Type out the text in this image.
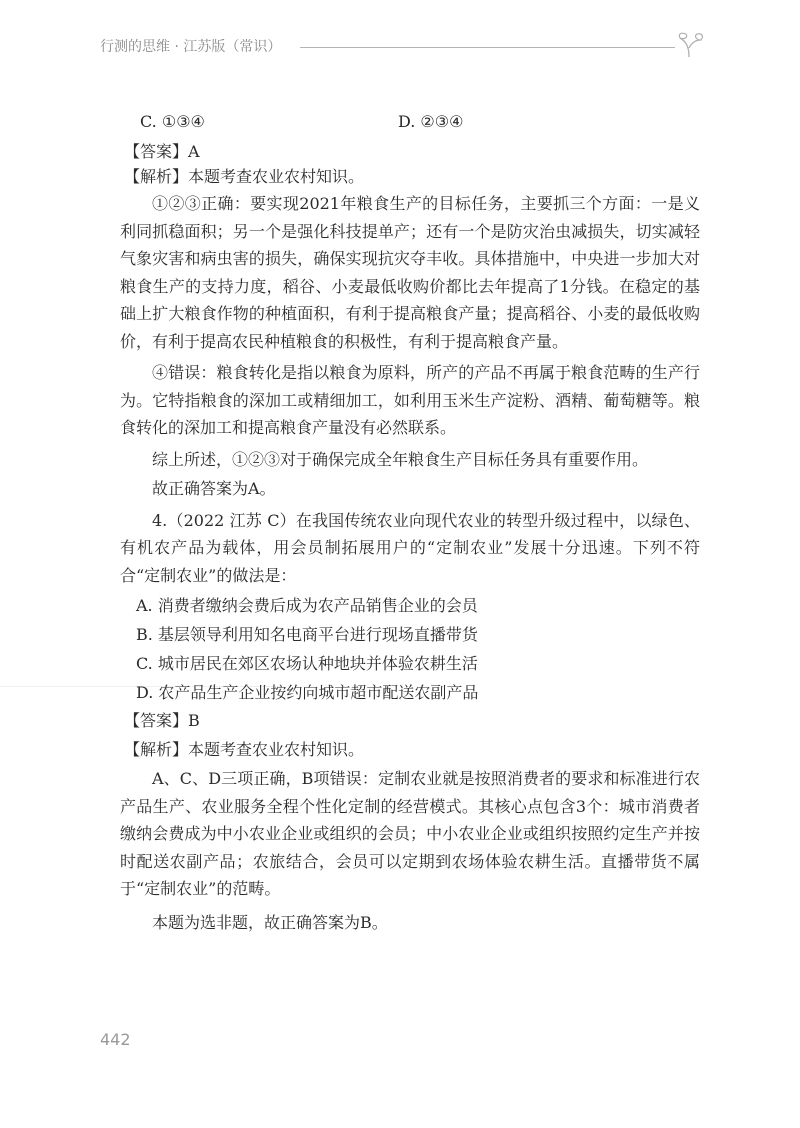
行测的思维 · 江苏版（常识）
C. ①③④	D. ②③④

【答案】A

【解析】本题考查农业农村知识。

①②③正确：要实现2021年粮食生产的目标任务，主要抓三个方面：一是义利同抓稳面积；另一个是强化科技提单产；还有一个是防灾治虫减损失，切实减轻气象灾害和病虫害的损失，确保实现抗灾夺丰收。具体措施中，中央进一步加大对粮食生产的支持力度，稻谷、小麦最低收购价都比去年提高了1分钱。在稳定的基础上扩大粮食作物的种植面积，有利于提高粮食产量；提高稻谷、小麦的最低收购价，有利于提高农民种植粮食的积极性，有利于提高粮食产量。

④错误：粮食转化是指以粮食为原料，所产的产品不再属于粮食范畴的生产行为。它特指粮食的深加工或精细加工，如利用玉米生产淀粉、酒精、葡萄糖等。粮食转化的深加工和提高粮食产量没有必然联系。

综上所述，①②③对于确保完成全年粮食生产目标任务具有重要作用。

故正确答案为A。

4.（2022 江苏 C）在我国传统农业向现代农业的转型升级过程中，以绿色、有机农产品为载体，用会员制拓展用户的“定制农业”发展十分迅速。下列不符合“定制农业”的做法是：

A. 消费者缴纳会费后成为农产品销售企业的会员

B. 基层领导利用知名电商平台进行现场直播带货

C. 城市居民在郊区农场认种地块并体验农耕生活

D. 农产品生产企业按约向城市超市配送农副产品

【答案】B

【解析】本题考查农业农村知识。

A、C、D三项正确，B项错误：定制农业就是按照消费者的要求和标准进行农产品生产、农业服务全程个性化定制的经营模式。其核心点包含3个：城市消费者缴纳会费成为中小农业企业或组织的会员；中小农业企业或组织按照约定生产并按时配送农副产品；农旅结合，会员可以定期到农场体验农耕生活。直播带货不属于“定制农业”的范畴。

本题为选非题，故正确答案为B。

442
